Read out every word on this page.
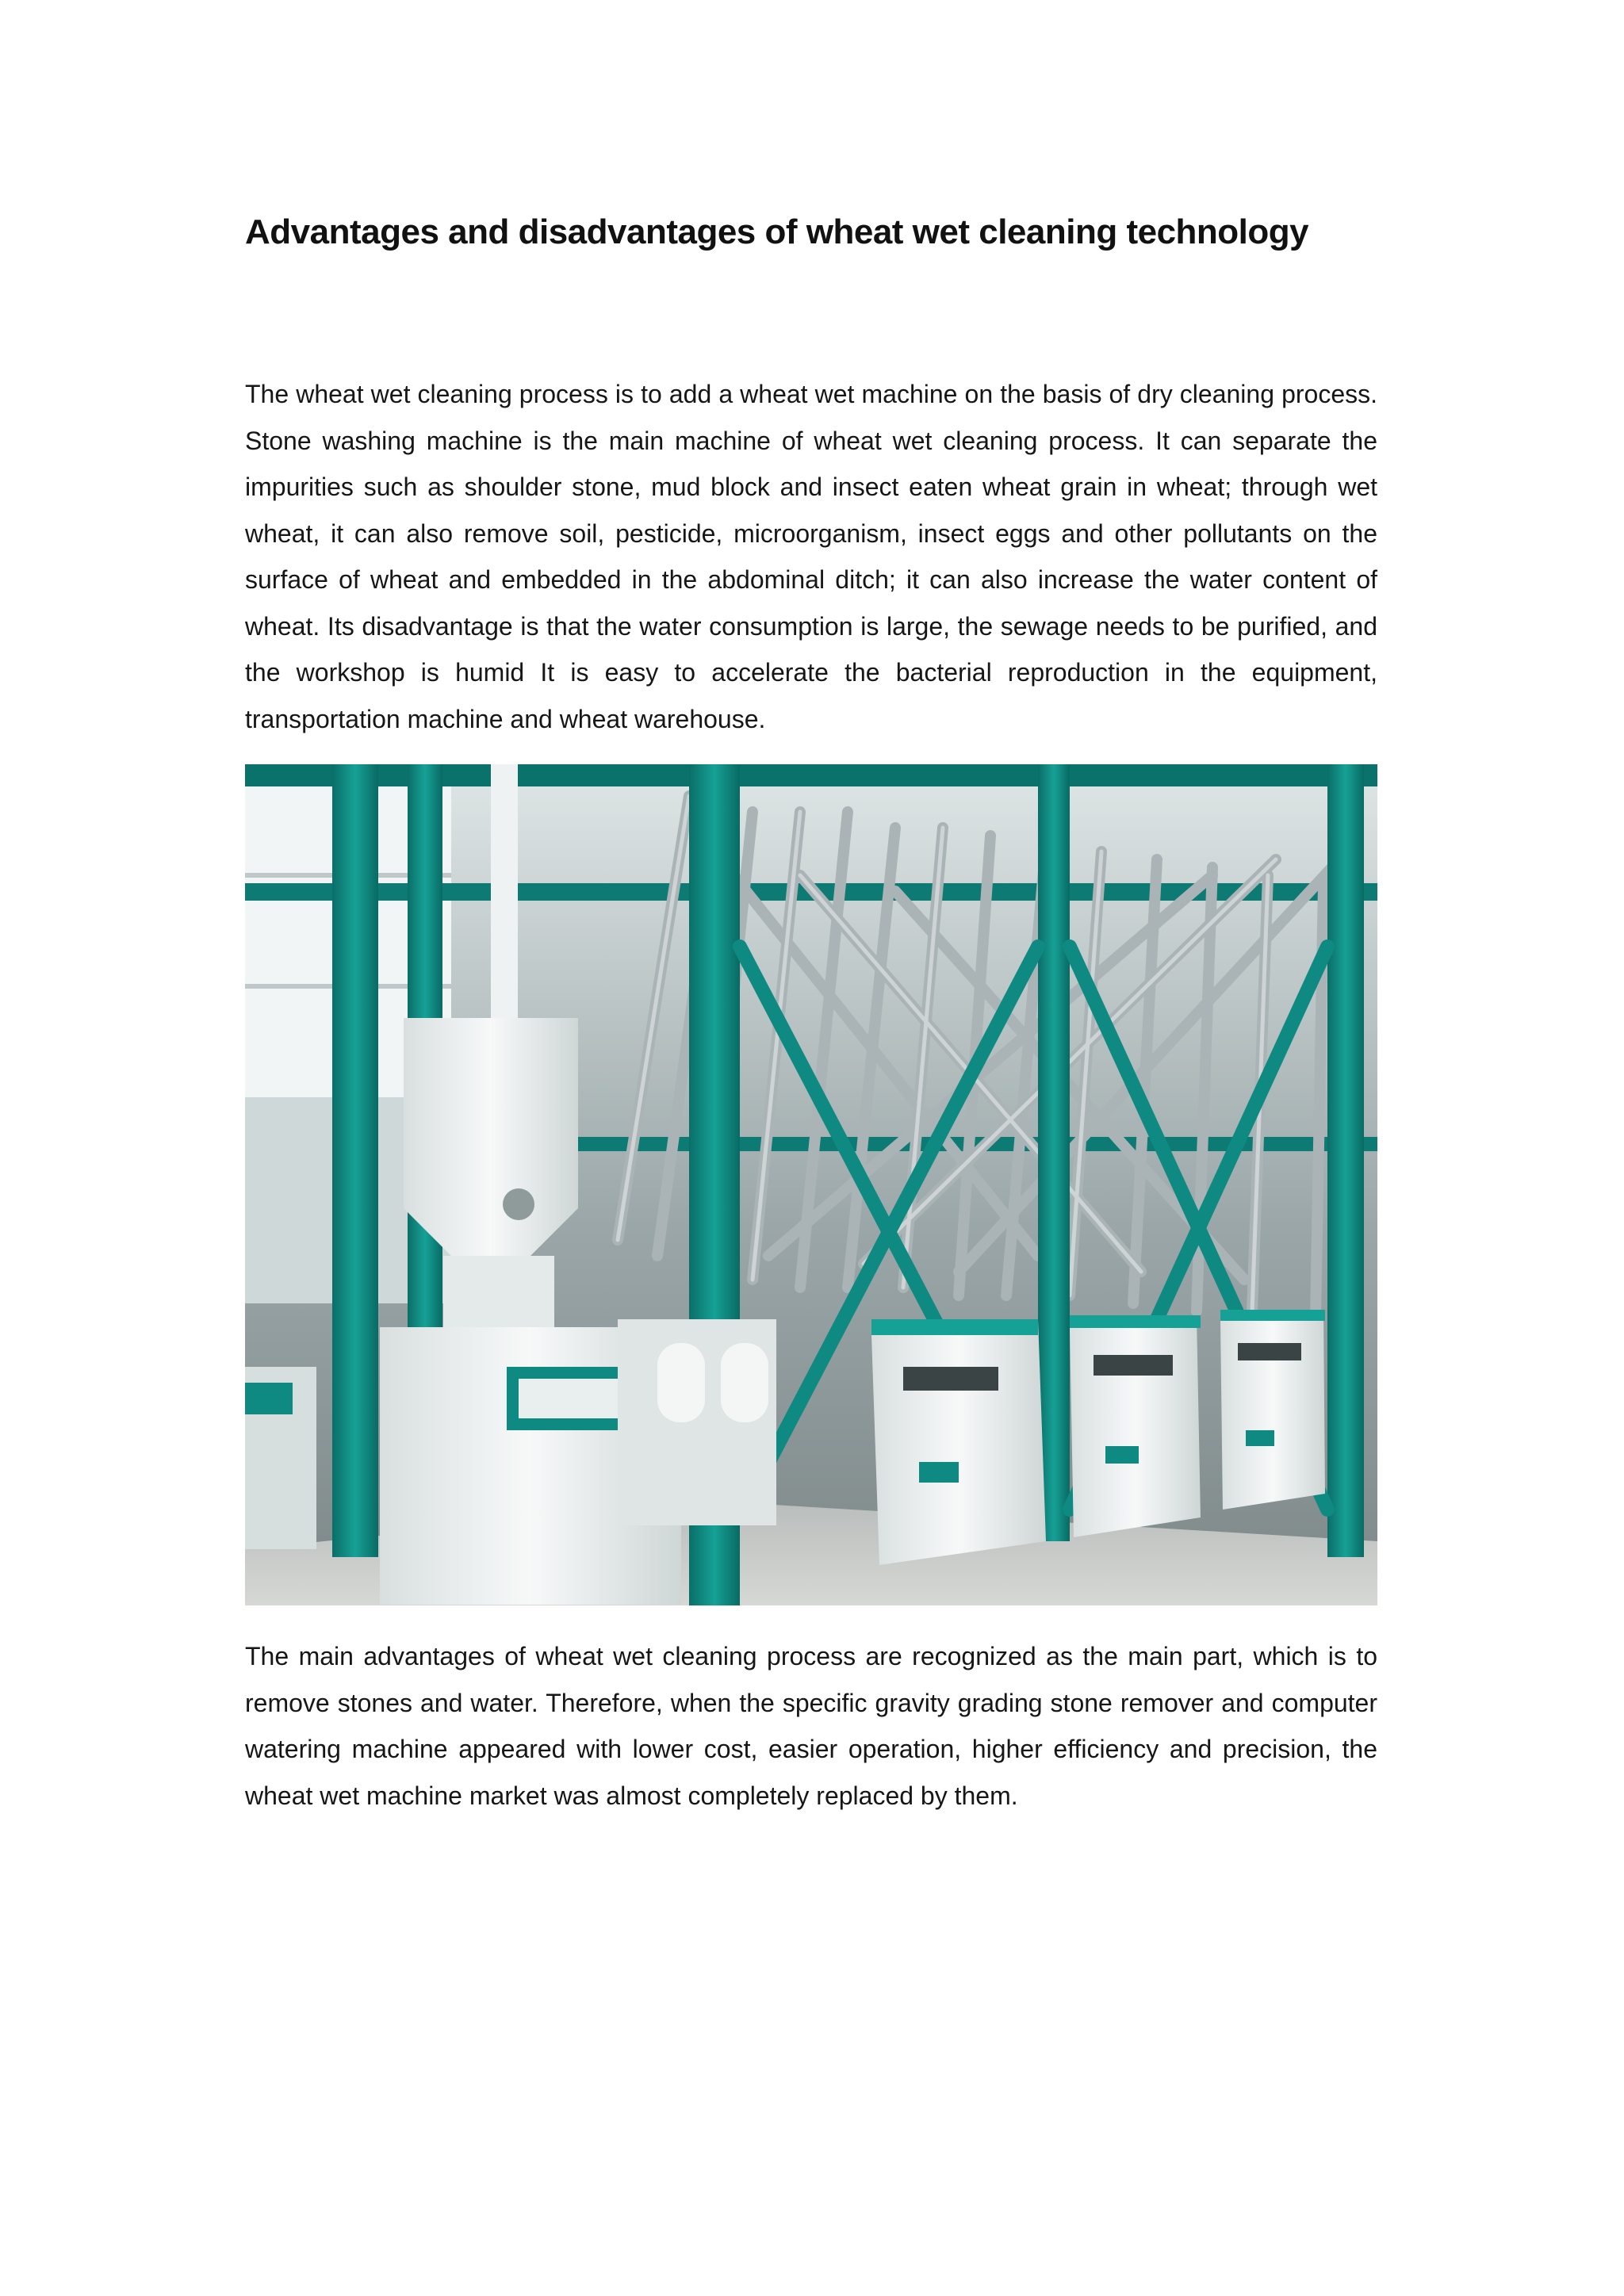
Advantages and disadvantages of wheat wet cleaning technology

The wheat wet cleaning process is to add a wheat wet machine on the basis of dry cleaning process. Stone washing machine is the main machine of wheat wet cleaning process. It can separate the impurities such as shoulder stone, mud block and insect eaten wheat grain in wheat; through wet wheat, it can also remove soil, pesticide, microorganism, insect eggs and other pollutants on the surface of wheat and embedded in the abdominal ditch; it can also increase the water content of wheat. Its disadvantage is that the water consumption is large, the sewage needs to be purified, and the workshop is humid It is easy to accelerate the bacterial reproduction in the equipment, transportation machine and wheat warehouse.

The main advantages of wheat wet cleaning process are recognized as the main part, which is to remove stones and water. Therefore, when the specific gravity grading stone remover and computer watering machine appeared with lower cost, easier operation, higher efficiency and precision, the wheat wet machine market was almost completely replaced by them.
